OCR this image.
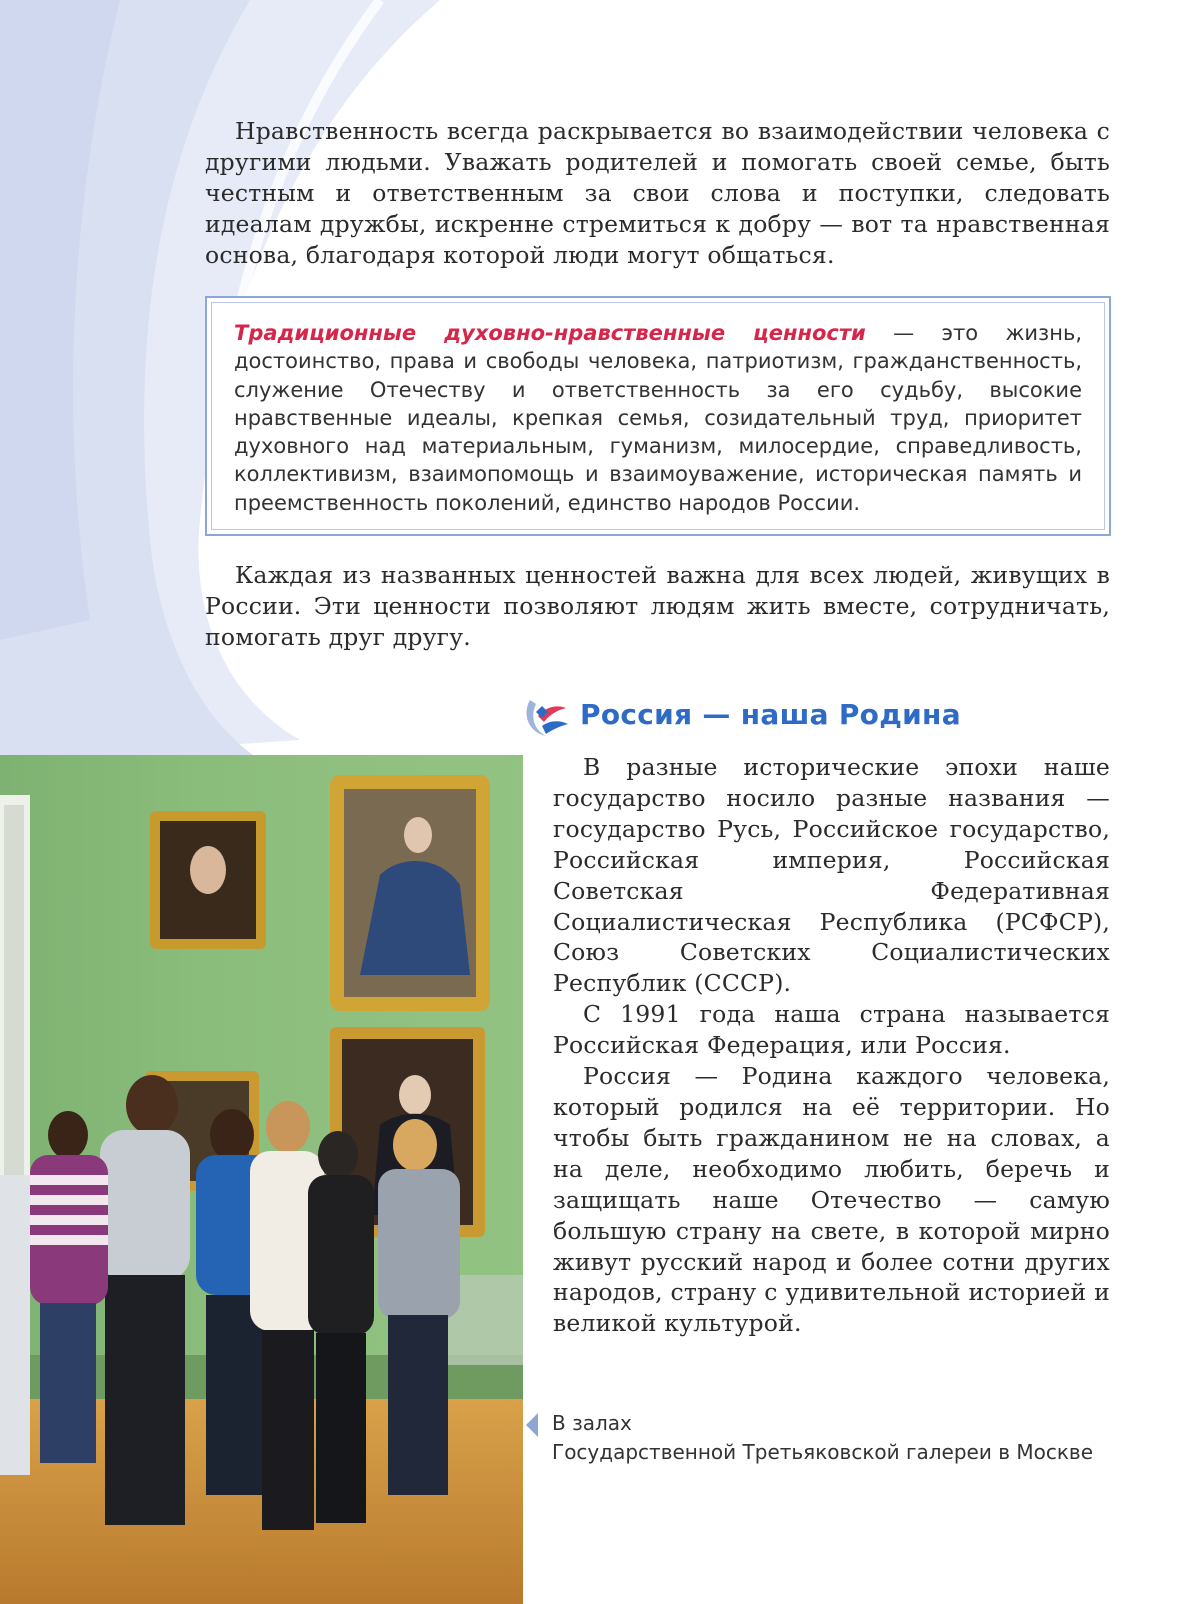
Нравственность всегда раскрывается во взаимодействии человека с другими людьми. Уважать родителей и помогать своей семье, быть честным и ответственным за свои слова и поступки, следовать идеалам дружбы, искренне стремиться к добру — вот та нравственная основа, благодаря которой люди могут общаться.
Традиционные духовно-нравственные ценности — это жизнь, достоинство, права и свободы человека, патриотизм, гражданственность, служение Отечеству и ответственность за его судьбу, высокие нравственные идеалы, крепкая семья, созидательный труд, приоритет духовного над материальным, гуманизм, милосердие, справедливость, коллективизм, взаимопомощь и взаимоуважение, историческая память и преемственность поколений, единство народов России.
Каждая из названных ценностей важна для всех людей, живущих в России. Эти ценности позволяют людям жить вместе, сотрудничать, помогать друг другу.
Россия — наша Родина
В разные исторические эпохи наше государство носило разные названия — государство Русь, Российское государство, Российская империя, Российская Советская Федеративная Социалистическая Республика (РСФСР), Союз Советских Социалистических Республик (СССР).
С 1991 года наша страна называется Российская Федерация, или Россия.
Россия — Родина каждого человека, который родился на её территории. Но чтобы быть гражданином не на словах, а на деле, необходимо любить, беречь и защищать наше Отечество — самую большую страну на свете, в которой мирно живут русский народ и более сотни других народов, страну с удивительной историей и великой культурой.
В залах
Государственной Третьяковской галереи в Москве
